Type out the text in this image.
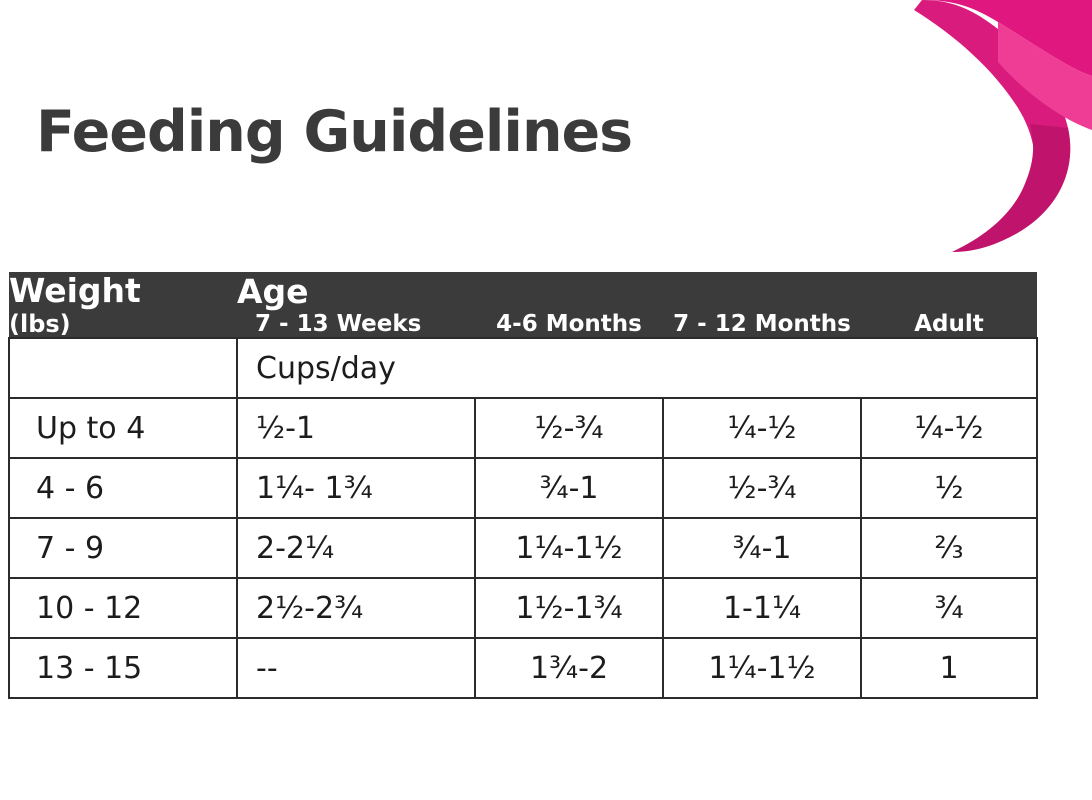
Feeding Guidelines
Weight	Age			
(lbs)	7 - 13 Weeks	4-6 Months	7 - 12 Months	Adult
	Cups/day			
Up to 4	½-1	½-¾	¼-½	¼-½
4 - 6	1¼- 1¾	¾-1	½-¾	½
7 - 9	2-2¼	1¼-1½	¾-1	⅔
10 - 12	2½-2¾	1½-1¾	1-1¼	¾
13 - 15	--	1¾-2	1¼-1½	1
